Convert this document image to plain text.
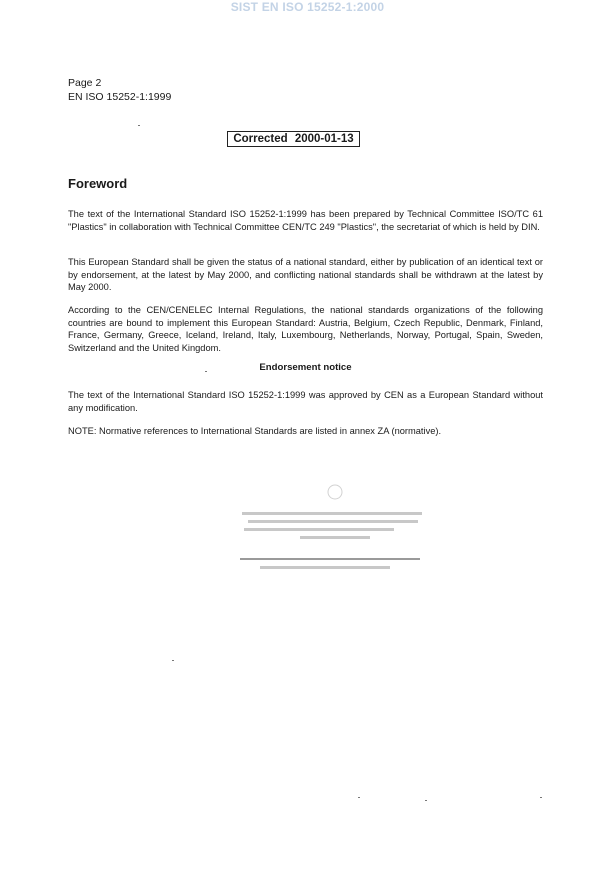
SIST EN ISO 15252-1:2000
Page 2
EN ISO 15252-1:1999
Corrected 2000-01-13
Foreword

The text of the International Standard ISO 15252-1:1999 has been prepared by Technical Committee ISO/TC 61 "Plastics" in collaboration with Technical Committee CEN/TC 249 "Plastics", the secretariat of which is held by DIN.

This European Standard shall be given the status of a national standard, either by publication of an identical text or by endorsement, at the latest by May 2000, and conflicting national standards shall be withdrawn at the latest by May 2000.

According to the CEN/CENELEC Internal Regulations, the national standards organizations of the following countries are bound to implement this European Standard: Austria, Belgium, Czech Republic, Denmark, Finland, France, Germany, Greece, Iceland, Ireland, Italy, Luxembourg, Netherlands, Norway, Portugal, Spain, Sweden, Switzerland and the United Kingdom.

Endorsement notice

The text of the International Standard ISO 15252-1:1999 was approved by CEN as a European Standard without any modification.

NOTE: Normative references to International Standards are listed in annex ZA (normative).
